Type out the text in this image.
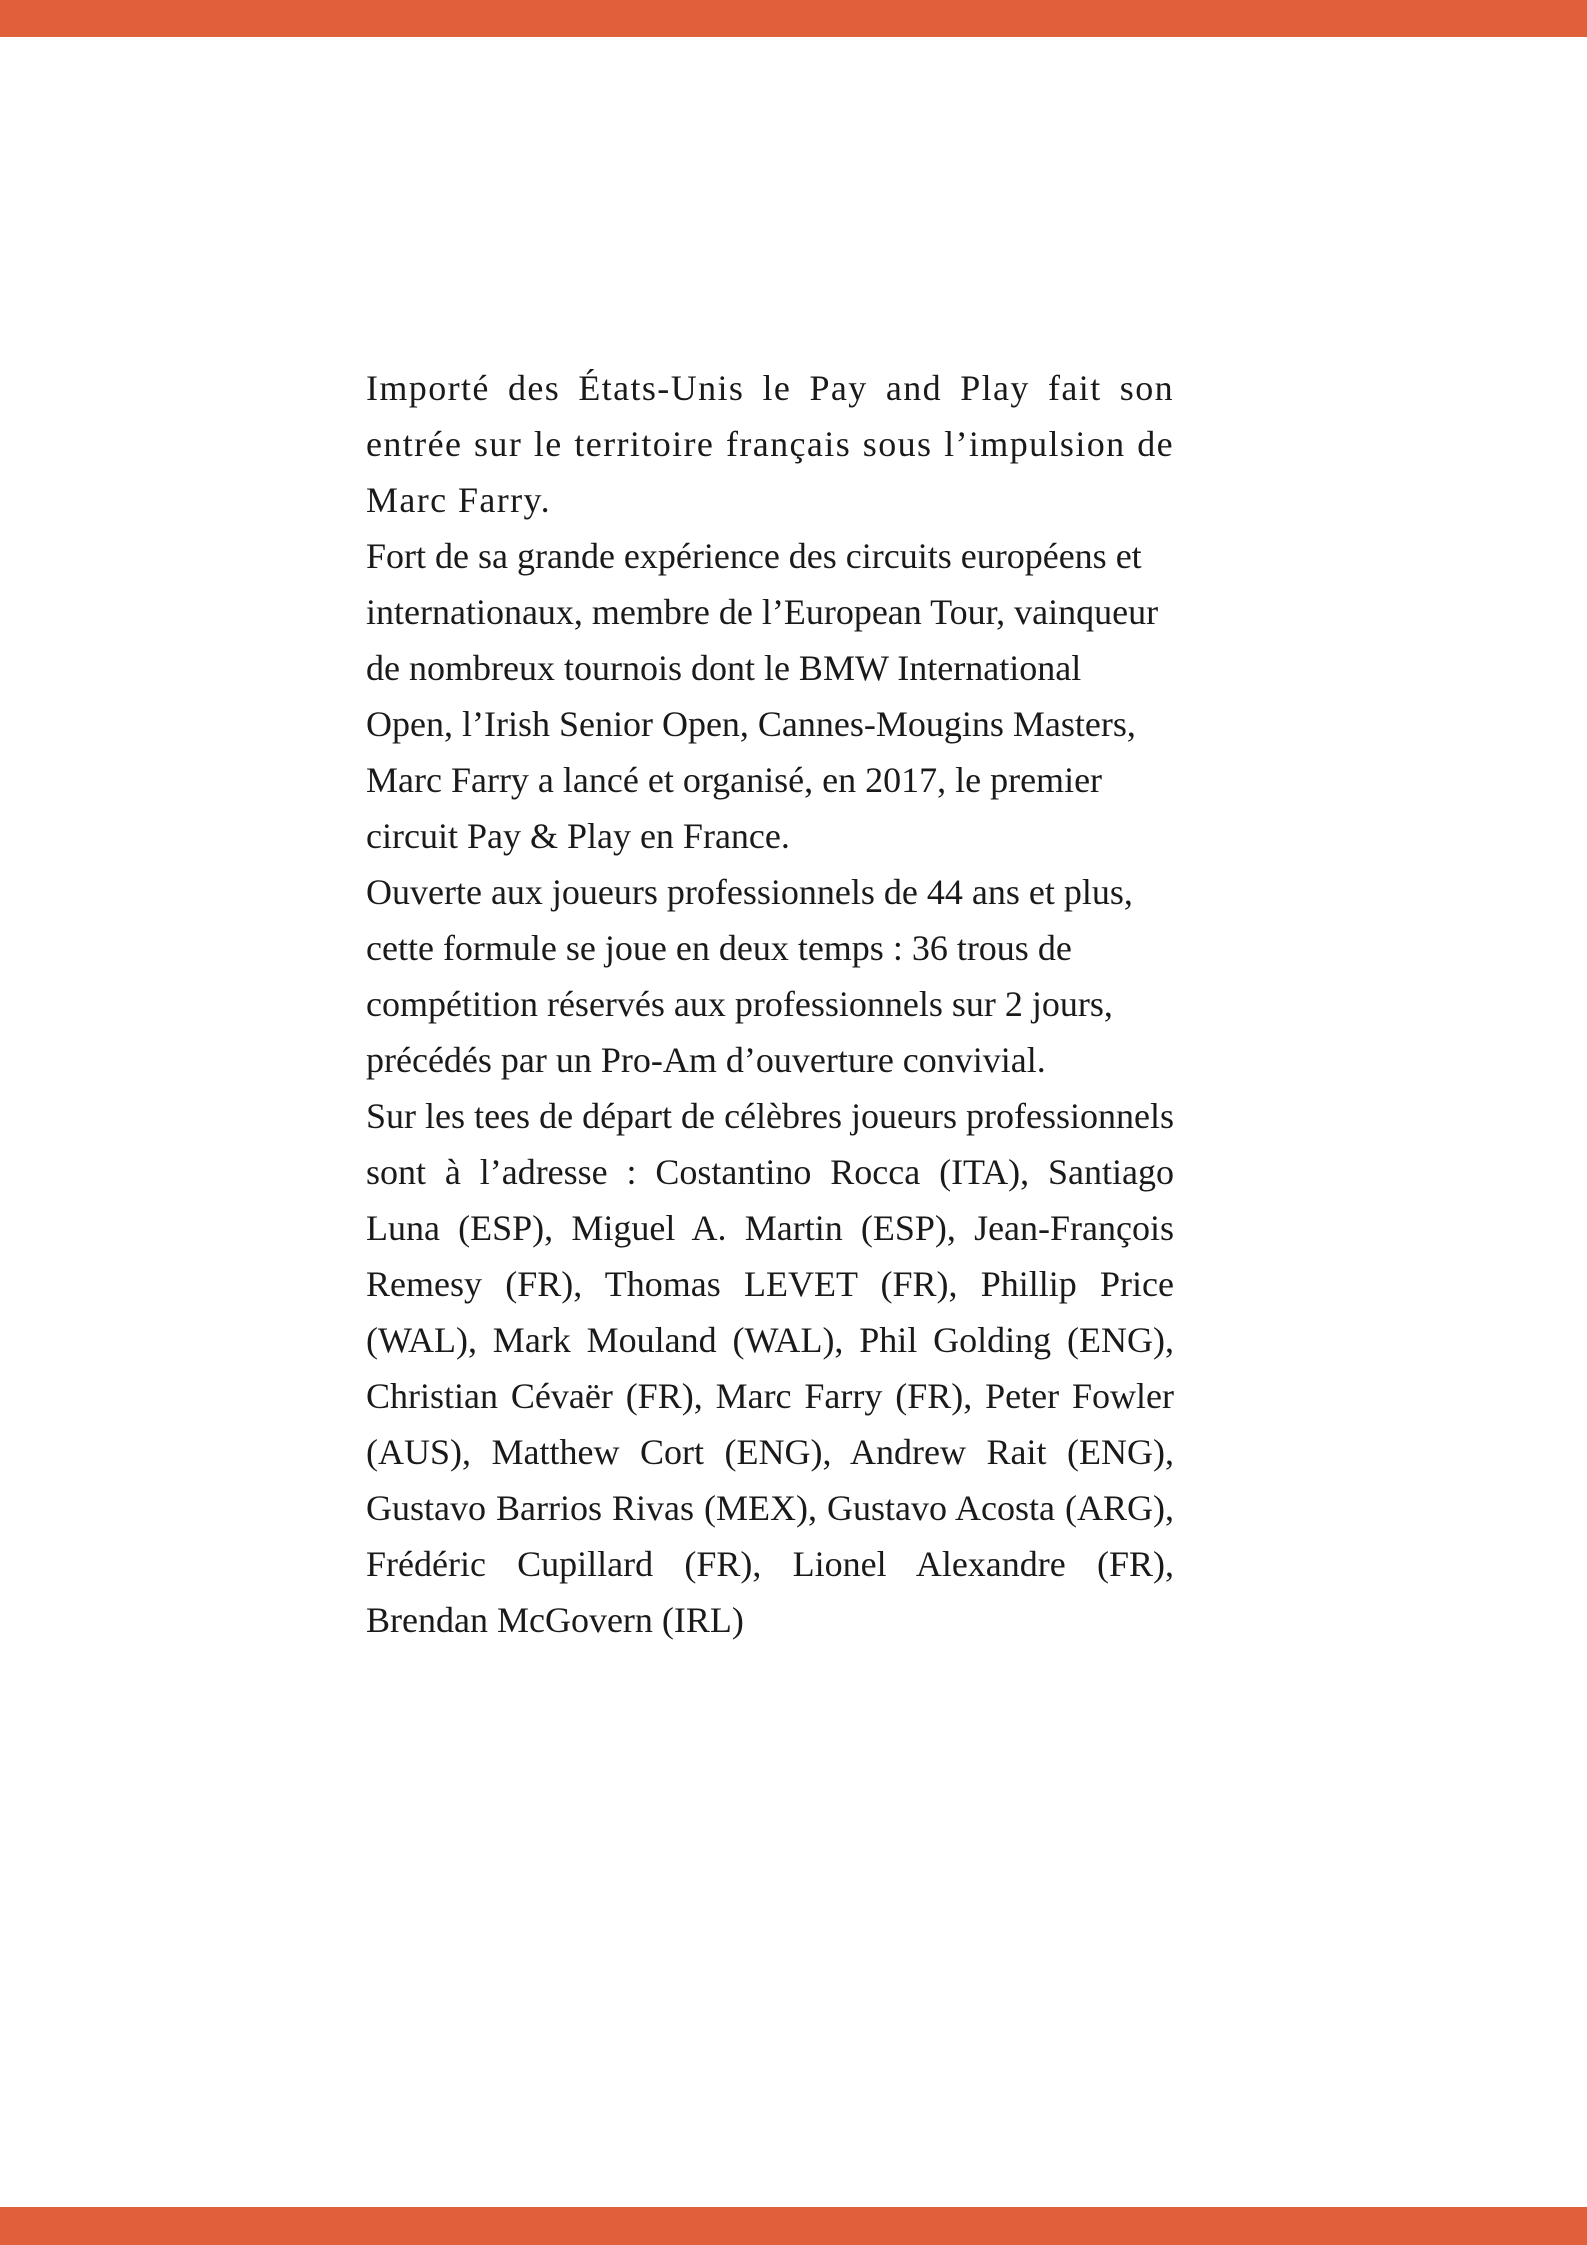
Importé des États-Unis le Pay and Play fait son entrée sur le territoire français sous l’impulsion de Marc Farry.

Fort de sa grande expérience des circuits européens et internationaux, membre de l’European Tour, vainqueur de nombreux tournois dont le BMW International Open, l’Irish Senior Open, Cannes-Mougins Masters, Marc Farry a lancé et organisé, en 2017, le premier circuit Pay & Play en France.

Ouverte aux joueurs professionnels de 44 ans et plus, cette formule se joue en deux temps : 36 trous de compétition réservés aux professionnels sur 2 jours, précédés par un Pro-Am d’ouverture convivial.

Sur les tees de départ de célèbres joueurs professionnels sont à l’adresse : Costantino Rocca (ITA), Santiago Luna (ESP), Miguel A. Martin (ESP), Jean-François Remesy (FR), Thomas LEVET (FR), Phillip Price (WAL), Mark Mouland (WAL), Phil Golding (ENG), Christian Cévaër (FR), Marc Farry (FR), Peter Fowler (AUS), Matthew Cort (ENG), Andrew Rait (ENG), Gustavo Barrios Rivas (MEX), Gustavo Acosta (ARG), Frédéric Cupillard (FR), Lionel Alexandre (FR), Brendan McGovern (IRL)
